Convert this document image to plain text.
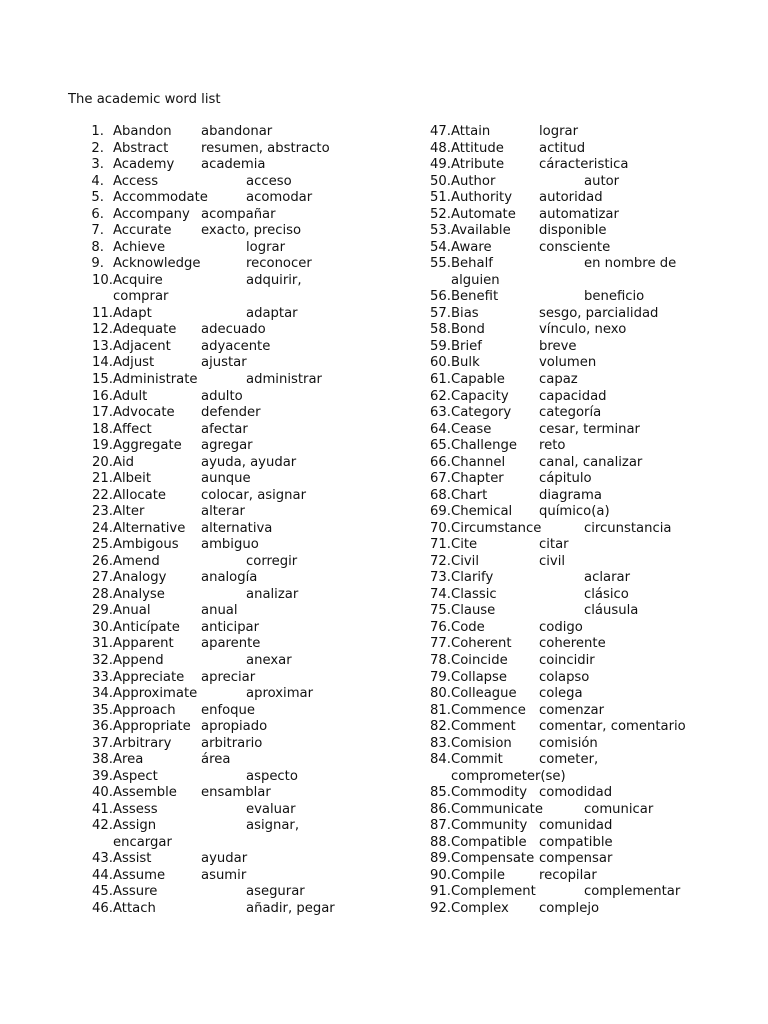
The academic word list
1. Abandon abandonar
2. Abstract resumen, abstracto
3. Academy academia
4. Access	acceso
5. Accommodate	acomodar
6. Accompany acompañar
7. Accurate exacto, preciso
8. Achieve	lograr
9. Acknowledge	reconocer
10. Acquire	adquirir,
comprar
11. Adapt	adaptar
12. Adequate adecuado
13. Adjacent adyacente
14. Adjust	ajustar
15. Administrate	administrar
16. Adult	adulto
17. Advocate defender
18. Affect	afectar
19. Aggregate agregar
20. Aid	ayuda, ayudar
21. Albeit	aunque
22. Allocate	colocar, asignar
23. Alter	alterar
24. Alternative alternativa
25. Ambigous ambiguo
26. Amend	corregir
27. Analogy	analogía
28. Analyse	analizar
29. Anual	anual
30. Anticípate anticipar
31. Apparent aparente
32. Append	anexar
33. Appreciate apreciar
34. Approximate	aproximar
35. Approach enfoque
36. Appropriate apropiado
37. Arbitrary arbitrario
38. Area	área
39. Aspect	aspecto
40. Assemble ensamblar
41. Assess	evaluar
42. Assign	asignar,
encargar
43. Assist	ayudar
44. Assume	asumir
45. Assure	asegurar
46. Attach	añadir, pegar
47. Attain	lograr
48. Attitude	actitud
49. Atribute	cáracteristica
50. Author	autor
51. Authority autoridad
52. Automate automatizar
53. Available disponible
54. Aware	consciente
55. Behalf	en nombre de
alguien
56. Benefit	beneficio
57. Bias	sesgo, parcialidad
58. Bond	vínculo, nexo
59. Brief	breve
60. Bulk	volumen
61. Capable	capaz
62. Capacity capacidad
63. Category categoría
64. Cease	cesar, terminar
65. Challenge reto
66. Channel	canal, canalizar
67. Chapter	cápitulo
68. Chart	diagrama
69. Chemical químico(a)
70. Circumstance	circunstancia
71. Cite	citar
72. Civil	civil
73. Clarify	aclarar
74. Classic	clásico
75. Clause	cláusula
76. Code	codigo
77. Coherent coherente
78. Coincide coincidir
79. Collapse colapso
80. Colleague colega
81. Commence comenzar
82. Comment comentar, comentario
83. Comision comisión
84. Commit	cometer,
comprometer(se)
85. Commodity comodidad
86. Communicate	comunicar
87. Community comunidad
88. Compatible compatible
89. Compensate compensar
90. Compile	recopilar
91. Complement	complementar
92. Complex complejo
